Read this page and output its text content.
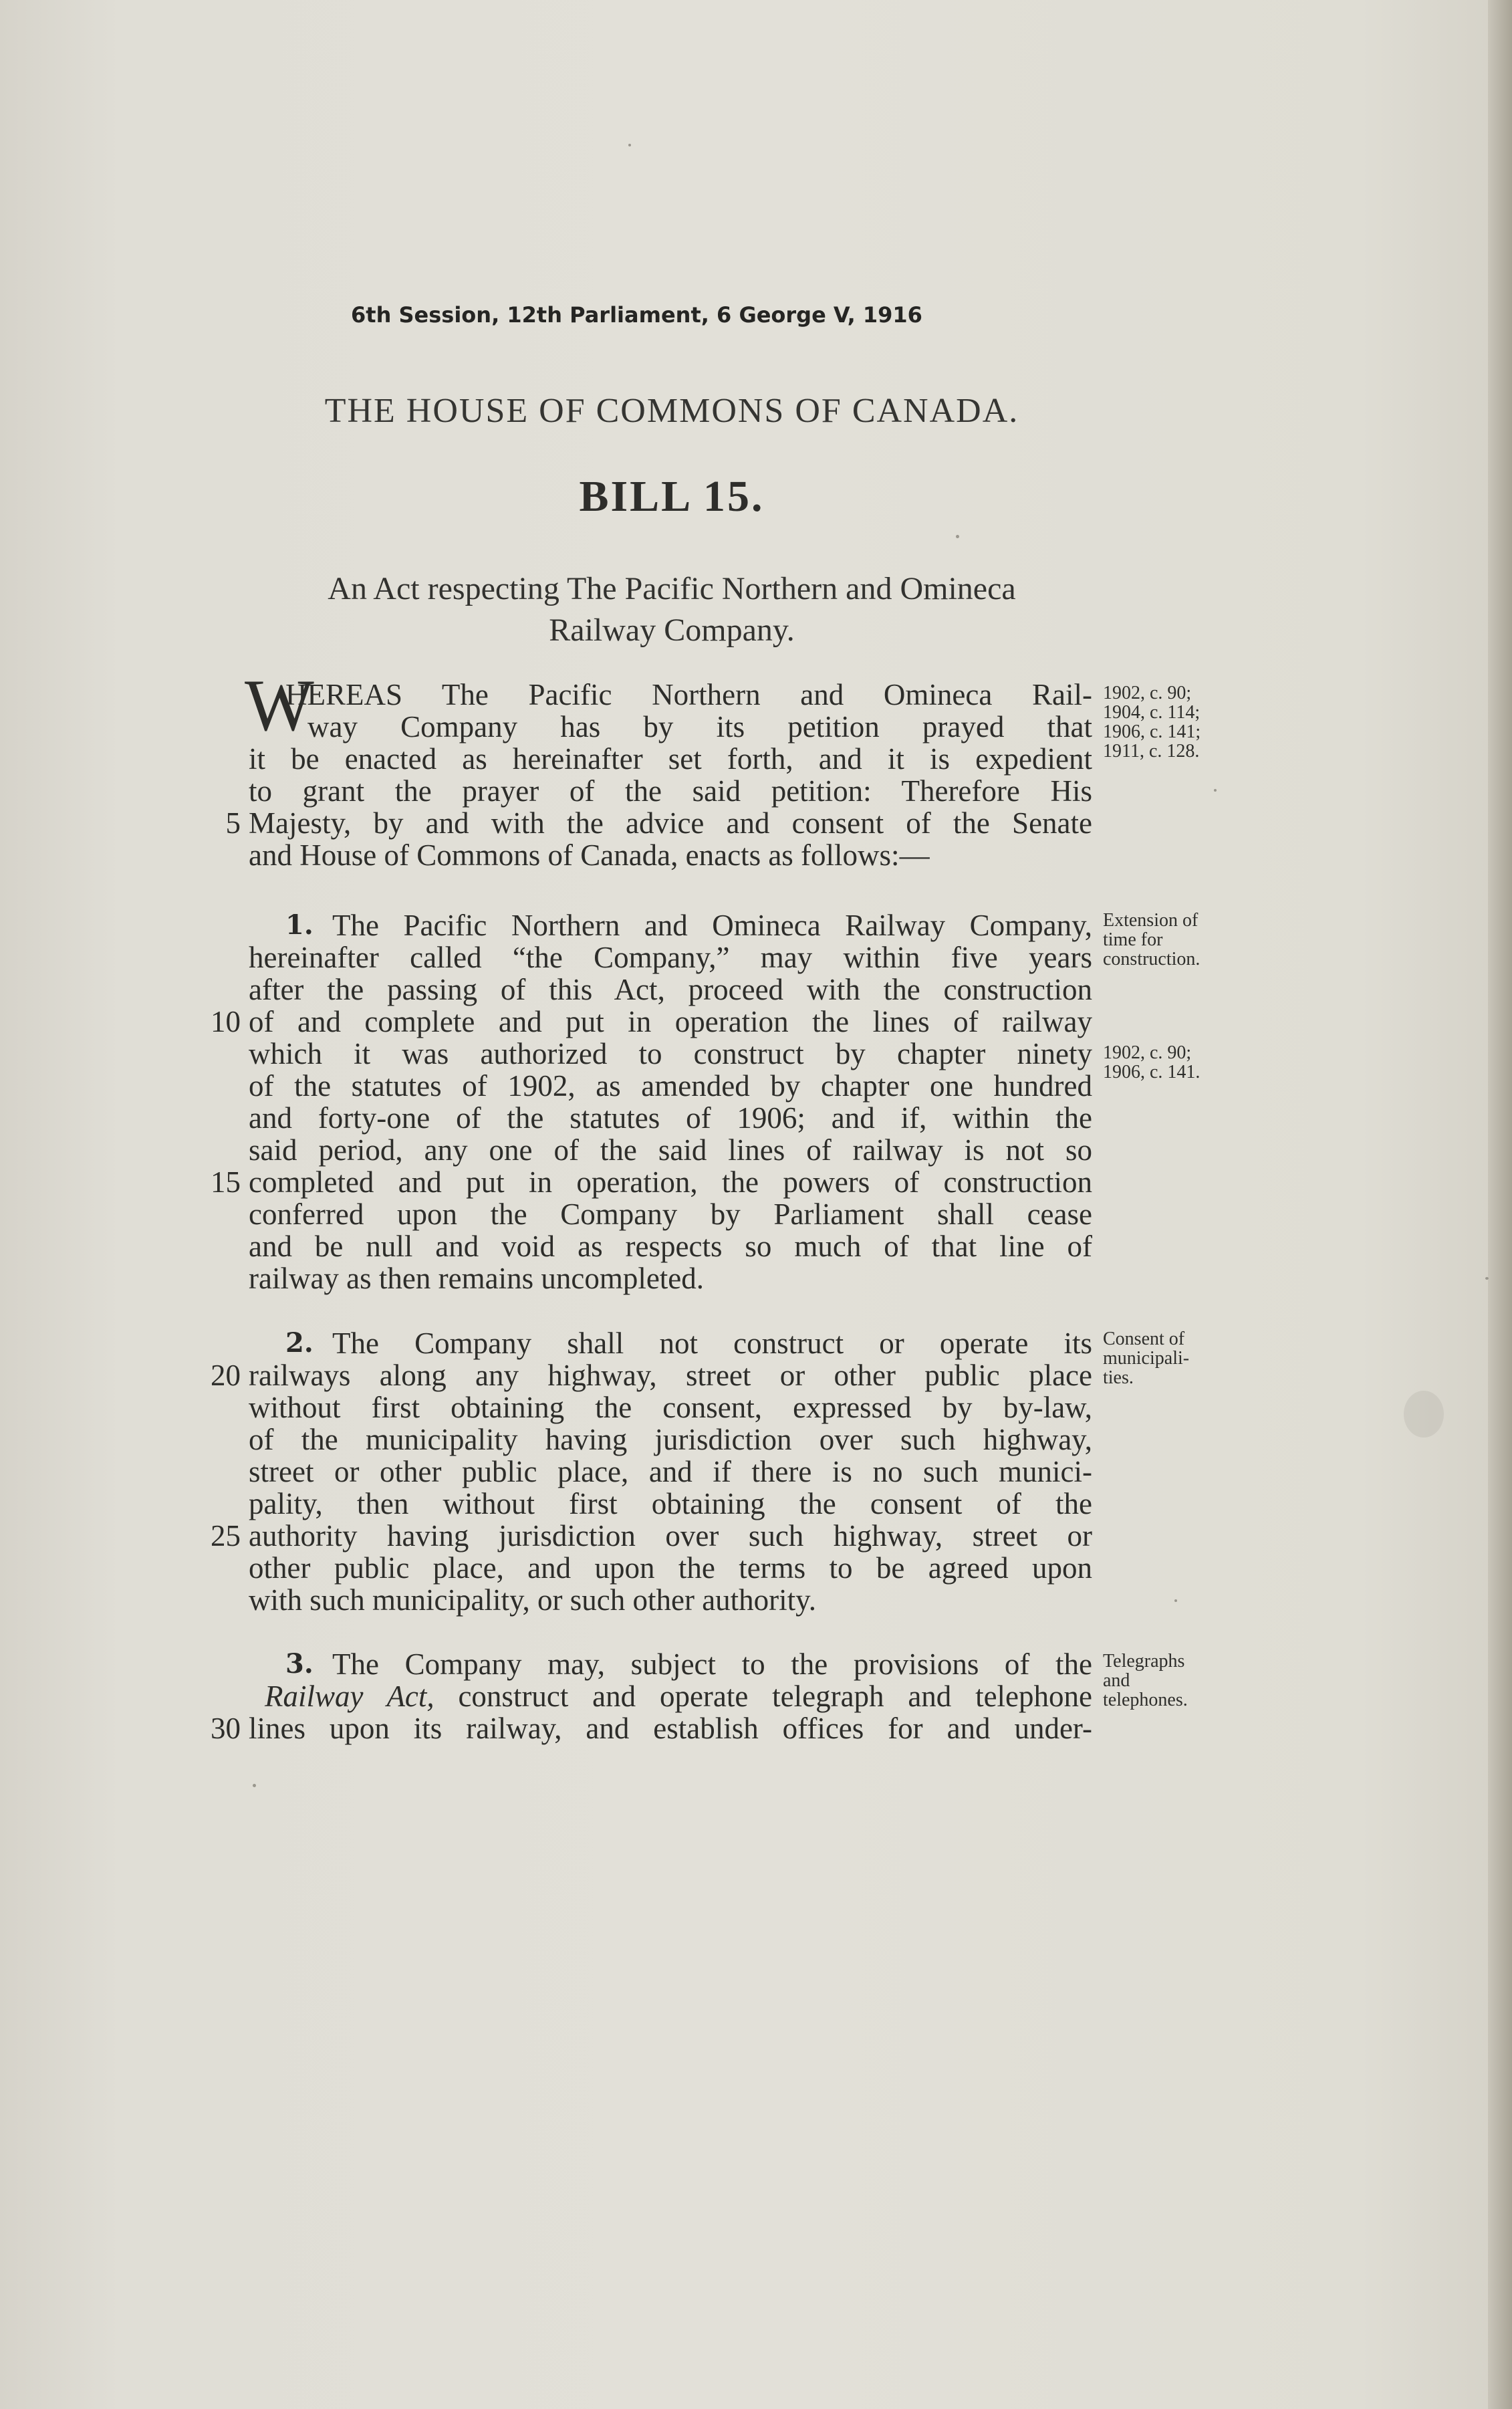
6th Session, 12th Parliament, 6 George V, 1916
THE HOUSE OF COMMONS OF CANADA.
BILL 15.
An Act respecting The Pacific Northern and Omineca
Railway Company.
W
HEREAS The Pacific Northern and Omineca Rail-
way Company has by its petition prayed that
it be enacted as hereinafter set forth, and it is expedient
to grant the prayer of the said petition: Therefore His
5 Majesty, by and with the advice and consent of the Senate
and House of Commons of Canada, enacts as follows:—
1902, c. 90;
1904, c. 114;
1906, c. 141;
1911, c. 128.
1. The Pacific Northern and Omineca Railway Company,
hereinafter called “the Company,” may within five years
after the passing of this Act, proceed with the construction
10 of and complete and put in operation the lines of railway
which it was authorized to construct by chapter ninety
of the statutes of 1902, as amended by chapter one hundred
and forty-one of the statutes of 1906; and if, within the
said period, any one of the said lines of railway is not so
15 completed and put in operation, the powers of construction
conferred upon the Company by Parliament shall cease
and be null and void as respects so much of that line of
railway as then remains uncompleted.
Extension of
time for
construction.
1902, c. 90;
1906, c. 141.
2. The Company shall not construct or operate its
20 railways along any highway, street or other public place
without first obtaining the consent, expressed by by-law,
of the municipality having jurisdiction over such highway,
street or other public place, and if there is no such munici-
pality, then without first obtaining the consent of the
25 authority having jurisdiction over such highway, street or
other public place, and upon the terms to be agreed upon
with such municipality, or such other authority.
Consent of
municipali-
ties.
3. The Company may, subject to the provisions of the
Railway Act, construct and operate telegraph and telephone
30 lines upon its railway, and establish offices for and under-
Telegraphs
and
telephones.
